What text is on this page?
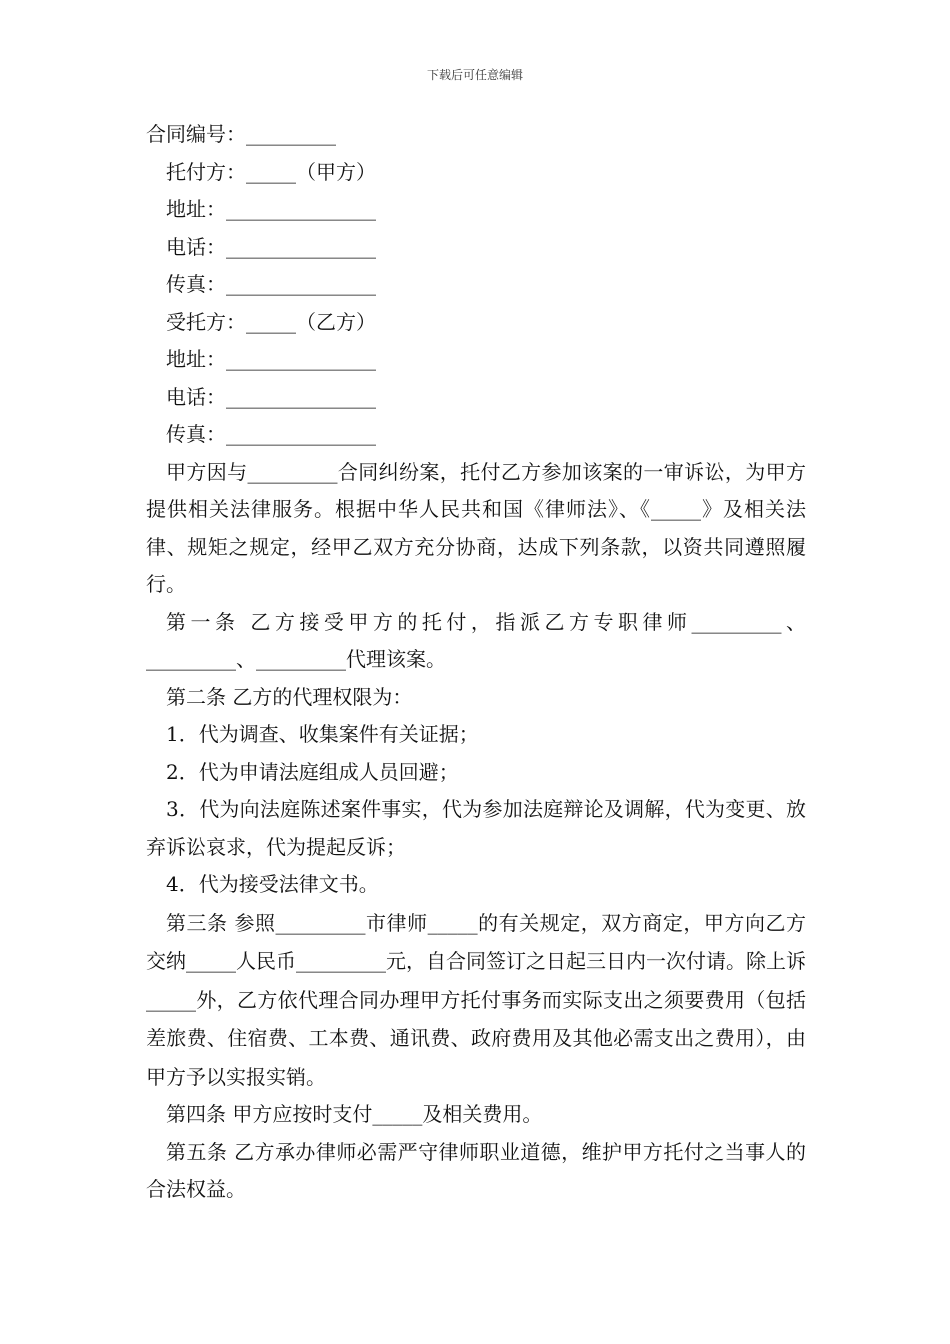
下载后可任意编辑

合同编号：_________

托付方：_____（甲方）

地址：_______________

电话：_______________

传真：_______________

受托方：_____（乙方）

地址：_______________

电话：_______________

传真：_______________

甲方因与_________合同纠纷案，托付乙方参加该案的一审诉讼，为甲方提供相关法律服务。根据中华人民共和国《律师法》、《_____》及相关法律、规矩之规定，经甲乙双方充分协商，达成下列条款，以资共同遵照履行。

第一条 乙方接受甲方的托付，指派乙方专职律师_________、_________、_________代理该案。

第二条 乙方的代理权限为：

1．代为调查、收集案件有关证据；

2．代为申请法庭组成人员回避；

3．代为向法庭陈述案件事实，代为参加法庭辩论及调解，代为变更、放弃诉讼哀求，代为提起反诉；

4．代为接受法律文书。

第三条 参照_________市律师_____的有关规定，双方商定，甲方向乙方交纳_____人民币_________元，自合同签订之日起三日内一次付请。除上诉_____外，乙方依代理合同办理甲方托付事务而实际支出之须要费用（包括差旅费、住宿费、工本费、通讯费、政府费用及其他必需支出之费用），由甲方予以实报实销。

第四条 甲方应按时支付_____及相关费用。

第五条 乙方承办律师必需严守律师职业道德，维护甲方托付之当事人的合法权益。
